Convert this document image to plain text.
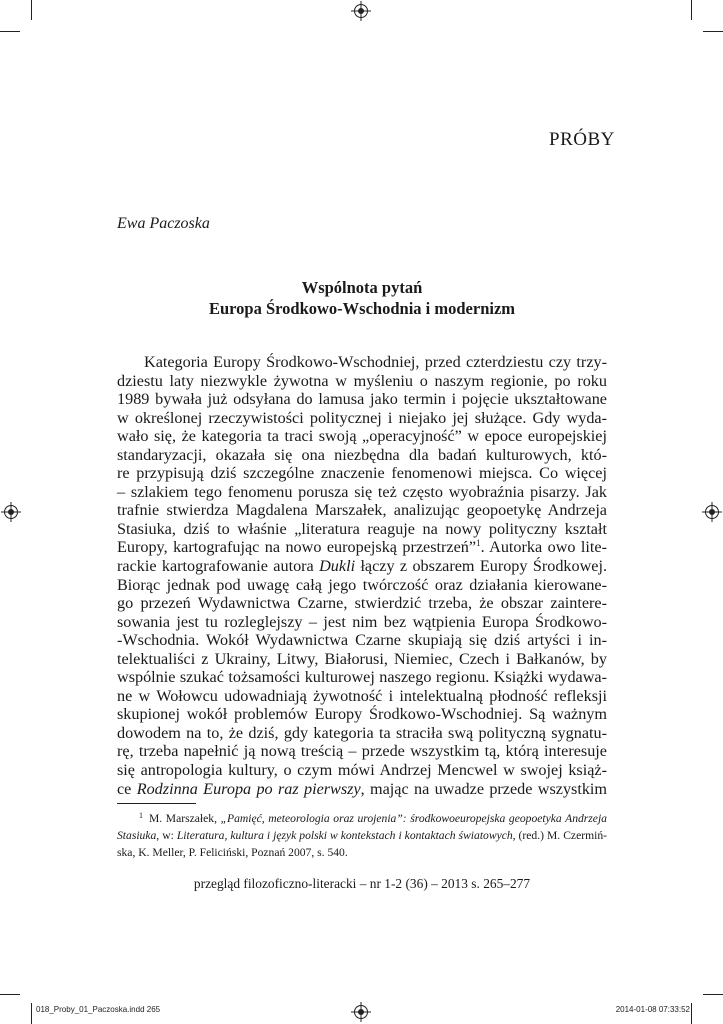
PRÓBY
Ewa Paczoska
Wspólnota pytań
Europa Środkowo-Wschodnia i modernizm
Kategoria Europy Środkowo-Wschodniej, przed czterdziestu czy trzy-
dziestu laty niezwykle żywotna w myśleniu o naszym regionie, po roku
1989 bywała już odsyłana do lamusa jako termin i pojęcie ukształtowane
w określonej rzeczywistości politycznej i niejako jej służące. Gdy wyda-
wało się, że kategoria ta traci swoją „operacyjność” w epoce europejskiej
standaryzacji, okazała się ona niezbędna dla badań kulturowych, któ-
re przypisują dziś szczególne znaczenie fenomenowi miejsca. Co więcej
– szlakiem tego fenomenu porusza się też często wyobraźnia pisarzy. Jak
trafnie stwierdza Magdalena Marszałek, analizując geopoetykę Andrzeja
Stasiuka, dziś to właśnie „literatura reaguje na nowy polityczny kształt
Europy, kartografując na nowo europejską przestrzeń”$^1$. Autorka owo lite-
rackie kartografowanie autora Dukli łączy z obszarem Europy Środkowej.
Biorąc jednak pod uwagę całą jego twórczość oraz działania kierowane-
go przezeń Wydawnictwa Czarne, stwierdzić trzeba, że obszar zaintere-
sowania jest tu rozleglejszy – jest nim bez wątpienia Europa Środkowo-
-Wschodnia. Wokół Wydawnictwa Czarne skupiają się dziś artyści i in-
telektualiści z Ukrainy, Litwy, Białorusi, Niemiec, Czech i Bałkanów, by
wspólnie szukać tożsamości kulturowej naszego regionu. Książki wydawa-
ne w Wołowcu udowadniają żywotność i intelektualną płodność refleksji
skupionej wokół problemów Europy Środkowo-Wschodniej. Są ważnym
dowodem na to, że dziś, gdy kategoria ta straciła swą polityczną sygnatu-
rę, trzeba napełnić ją nową treścią – przede wszystkim tą, którą interesuje
się antropologia kultury, o czym mówi Andrzej Mencwel w swojej książ-
ce Rodzinna Europa po raz pierwszy, mając na uwadze przede wszystkim
$^1$ M. Marszałek, „Pamięć, meteorologia oraz urojenia”: środkowoeuropejska geopoetyka Andrzeja
Stasiuka, w: Literatura, kultura i język polski w kontekstach i kontaktach światowych, (red.) M. Czermiń-
ska, K. Meller, P. Feliciński, Poznań 2007, s. 540.
przegląd filozoficzno-literacki – nr 1-2 (36) – 2013 s. 265–277
018_Proby_01_Paczoska.indd 265	2014-01-08 07:33:52
